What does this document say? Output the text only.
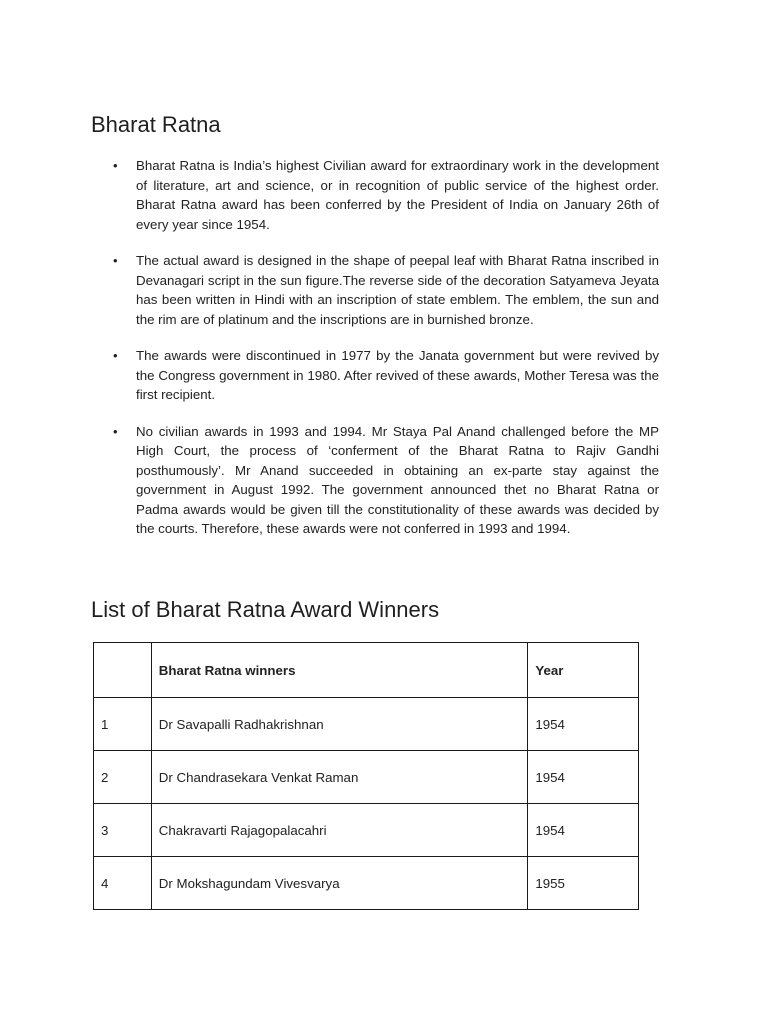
Bharat Ratna
• Bharat Ratna is India’s highest Civilian award for extraordinary work in the development of literature, art and science, or in recognition of public service of the highest order. Bharat Ratna award has been conferred by the President of India on January 26th of every year since 1954.
• The actual award is designed in the shape of peepal leaf with Bharat Ratna inscribed in Devanagari script in the sun figure.The reverse side of the decoration Satyameva Jeyata has been written in Hindi with an inscription of state emblem. The emblem, the sun and the rim are of platinum and the inscriptions are in burnished bronze.
• The awards were discontinued in 1977 by the Janata government but were revived by the Congress government in 1980. After revived of these awards, Mother Teresa was the first recipient.
• No civilian awards in 1993 and 1994. Mr Staya Pal Anand challenged before the MP High Court, the process of ‘conferment of the Bharat Ratna to Rajiv Gandhi posthumously’. Mr Anand succeeded in obtaining an ex-parte stay against the government in August 1992. The government announced thet no Bharat Ratna or Padma awards would be given till the constitutionality of these awards was decided by the courts. Therefore, these awards were not conferred in 1993 and 1994.
List of Bharat Ratna Award Winners
	Bharat Ratna winners	Year
1	Dr Savapalli Radhakrishnan	1954
2	Dr Chandrasekara Venkat Raman	1954
3	Chakravarti Rajagopalacahri	1954
4	Dr Mokshagundam Vivesvarya	1955
